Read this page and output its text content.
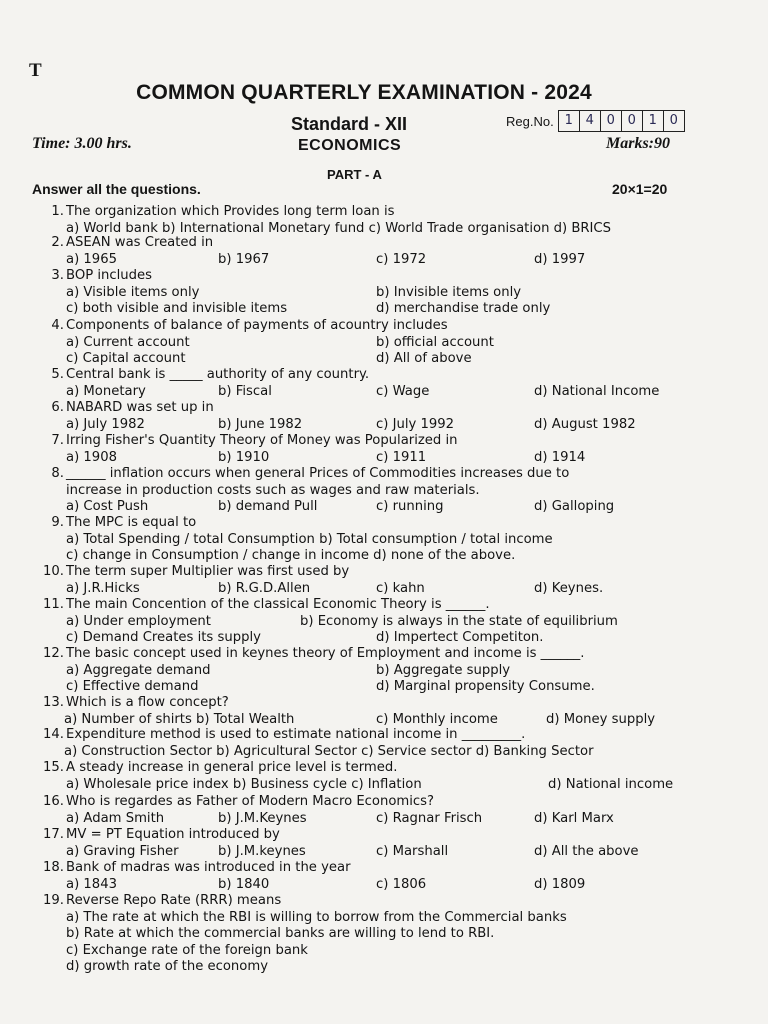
T
COMMON QUARTERLY EXAMINATION - 2024
Standard - XII	Reg.No. 1 4 0 0 1 0
Time: 3.00 hrs.	ECONOMICS	Marks:90
PART - A
Answer all the questions.	20×1=20
1. The organization which Provides long term loan is
a) World bank b) International Monetary fund c) World Trade organisation d) BRICS
2. ASEAN was Created in
a) 1965	b) 1967	c) 1972	d) 1997
3. BOP includes
a) Visible items only	b) Invisible items only
c) both visible and invisible items	d) merchandise trade only
4. Components of balance of payments of acountry includes
a) Current account	b) official account
c) Capital account	d) All of above
5. Central bank is _____ authority of any country.
a) Monetary	b) Fiscal	c) Wage	d) National Income
6. NABARD was set up in
a) July 1982	b) June 1982	c) July 1992	d) August 1982
7. Irring Fisher's Quantity Theory of Money was Popularized in
a) 1908	b) 1910	c) 1911	d) 1914
8. ______ inflation occurs when general Prices of Commodities increases due to
increase in production costs such as wages and raw materials.
a) Cost Push	b) demand Pull	c) running	d) Galloping
9. The MPC is equal to
a) Total Spending / total Consumption b) Total consumption / total income
c) change in Consumption / change in income d) none of the above.
10. The term super Multiplier was first used by
a) J.R.Hicks	b) R.G.D.Allen	c) kahn	d) Keynes.
11. The main Concention of the classical Economic Theory is ______.
a) Under employment	b) Economy is always in the state of equilibrium
c) Demand Creates its supply	d) Impertect Competiton.
12. The basic concept used in keynes theory of Employment and income is ______.
a) Aggregate demand	b) Aggregate supply
c) Effective demand	d) Marginal propensity Consume.
13. Which is a flow concept?
a) Number of shirts b) Total Wealth	c) Monthly income	d) Money supply
14. Expenditure method is used to estimate national income in _________.
a) Construction Sector b) Agricultural Sector c) Service sector d) Banking Sector
15. A steady increase in general price level is termed.
a) Wholesale price index b) Business cycle c) Inflation	d) National income
16. Who is regardes as Father of Modern Macro Economics?
a) Adam Smith	b) J.M.Keynes	c) Ragnar Frisch	d) Karl Marx
17. MV = PT Equation introduced by
a) Graving Fisher	b) J.M.keynes	c) Marshall	d) All the above
18. Bank of madras was introduced in the year
a) 1843	b) 1840	c) 1806	d) 1809
19. Reverse Repo Rate (RRR) means
a) The rate at which the RBI is willing to borrow from the Commercial banks
b) Rate at which the commercial banks are willing to lend to RBI.
c) Exchange rate of the foreign bank
d) growth rate of the economy
